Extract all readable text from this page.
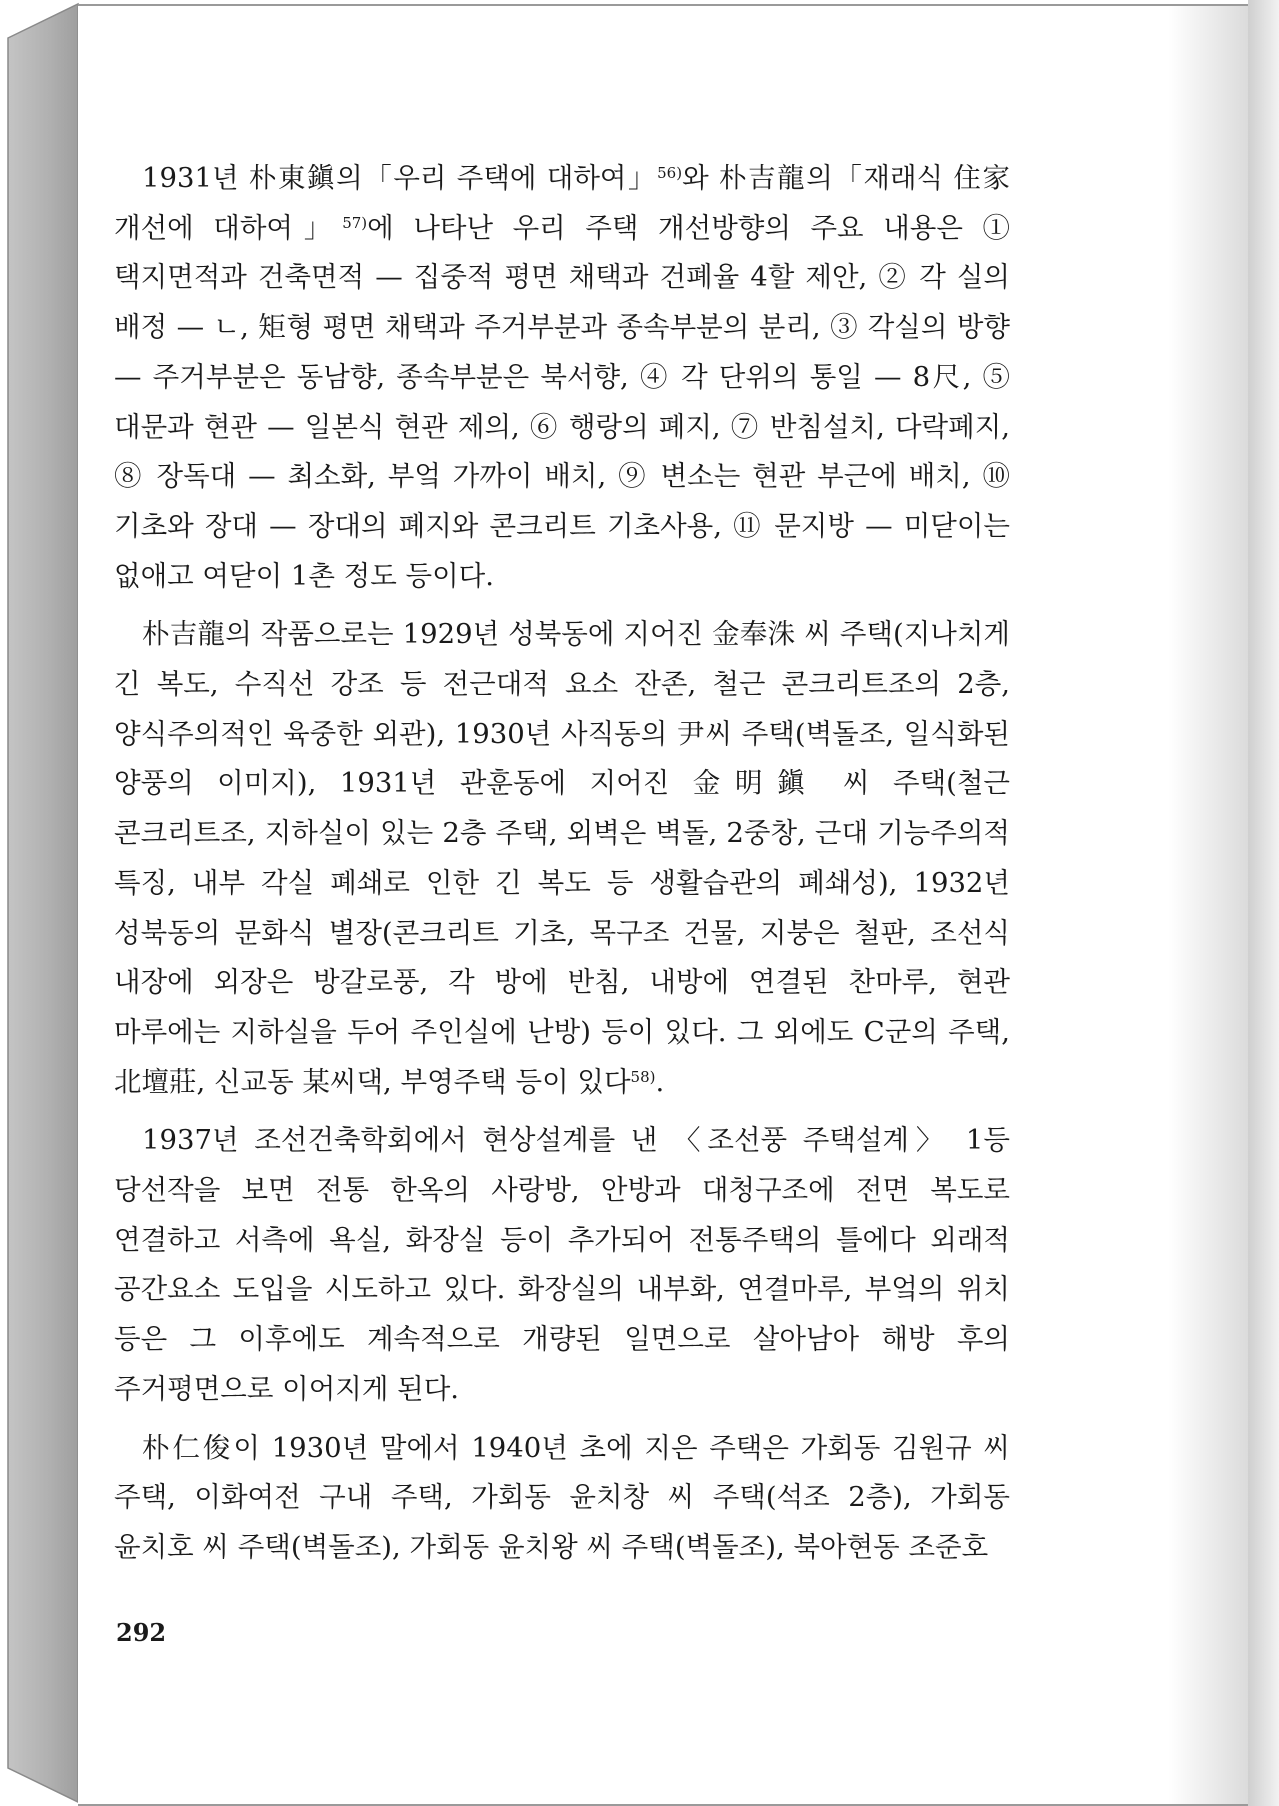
1931년 朴東鎭의「우리 주택에 대하여」$^{56)}$와 朴吉龍의「재래식 住家 개선에 대하여」$^{57)}$에 나타난 우리 주택 개선방향의 주요 내용은 ① 택지면적과 건축면적 — 집중적 평면 채택과 건폐율 4할 제안, ② 각 실의 배정 — ㄴ, 矩형 평면 채택과 주거부분과 종속부분의 분리, ③ 각실의 방향 — 주거부분은 동남향, 종속부분은 북서향, ④ 각 단위의 통일 — 8尺, ⑤ 대문과 현관 — 일본식 현관 제의, ⑥ 행랑의 폐지, ⑦ 반침설치, 다락폐지, ⑧ 장독대 — 최소화, 부엌 가까이 배치, ⑨ 변소는 현관 부근에 배치, ⑩ 기초와 장대 — 장대의 폐지와 콘크리트 기초사용, ⑪ 문지방 — 미닫이는 없애고 여닫이 1촌 정도 등이다.

朴吉龍의 작품으로는 1929년 성북동에 지어진 金奉洙 씨 주택(지나치게 긴 복도, 수직선 강조 등 전근대적 요소 잔존, 철근 콘크리트조의 2층, 양식주의적인 육중한 외관), 1930년 사직동의 尹씨 주택(벽돌조, 일식화된 양풍의 이미지), 1931년 관훈동에 지어진 金明鎭 씨 주택(철근 콘크리트조, 지하실이 있는 2층 주택, 외벽은 벽돌, 2중창, 근대 기능주의적 특징, 내부 각실 폐쇄로 인한 긴 복도 등 생활습관의 폐쇄성), 1932년 성북동의 문화식 별장(콘크리트 기초, 목구조 건물, 지붕은 철판, 조선식 내장에 외장은 방갈로풍, 각 방에 반침, 내방에 연결된 찬마루, 현관 마루에는 지하실을 두어 주인실에 난방) 등이 있다. 그 외에도 C군의 주택, 北壇莊, 신교동 某씨댁, 부영주택 등이 있다$^{58)}$.

1937년 조선건축학회에서 현상설계를 낸 〈조선풍 주택설계〉 1등 당선작을 보면 전통 한옥의 사랑방, 안방과 대청구조에 전면 복도로 연결하고 서측에 욕실, 화장실 등이 추가되어 전통주택의 틀에다 외래적 공간요소 도입을 시도하고 있다. 화장실의 내부화, 연결마루, 부엌의 위치 등은 그 이후에도 계속적으로 개량된 일면으로 살아남아 해방 후의 주거평면으로 이어지게 된다.

朴仁俊이 1930년 말에서 1940년 초에 지은 주택은 가회동 김원규 씨 주택, 이화여전 구내 주택, 가회동 윤치창 씨 주택(석조 2층), 가회동 윤치호 씨 주택(벽돌조), 가회동 윤치왕 씨 주택(벽돌조), 북아현동 조준호

292
